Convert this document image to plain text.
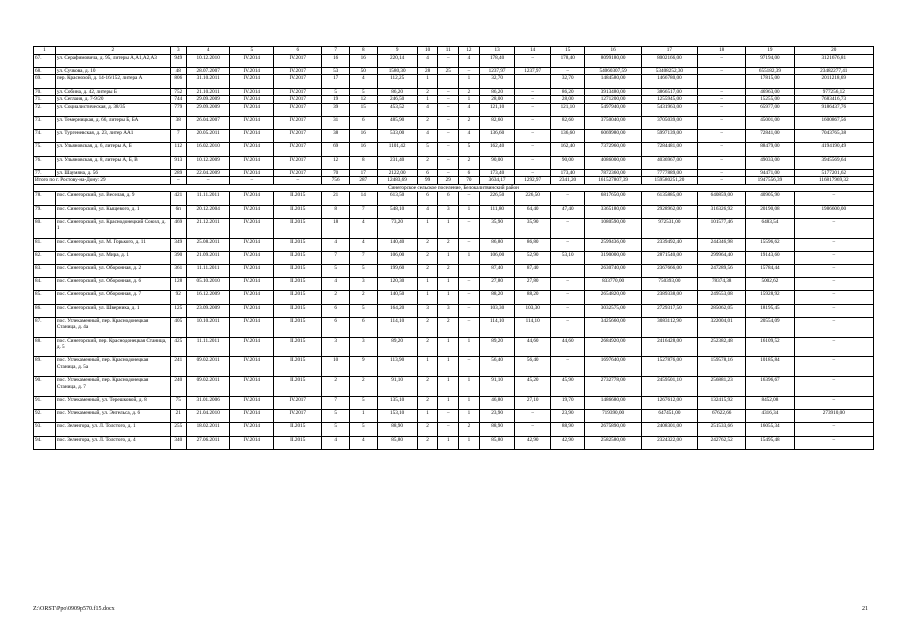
1	2	3	4	5	6	7	8	9	10	11	12	13	14	15	16	17	18	19	20
67.	ул. Серафимовича, д. 95, литеры А,А1,А2,А3	949	10.12.2010	IV.2014	IV.2017	16	16	220,14	4	–	4	178,40	–	178,40	8099180,00	8002166,00	–	97194,00	3121676,81
68.	ул. Сучкова, д. 10	48	28.07.2007	IV.2014	IV.2017	53	50	1580,30	28	25	–	1237,97	1237,97	–	54060307,59	53408252,30	–	655182,39	23482277,41
69.	пер. Краснохой, д. 14-16/152, литера А	806	31.10.2011	IV.2014	IV.2017	17	4	112,25	1		1	32,70		32,70	1484580,00	1466780,00		17815,00	2011218,69
70.	ул. Собина, д. 42, литеры Б	752	21.10.2011	IV.2014	IV.2017	5	5	86,20	2	–	2	86,20	–	86,20	3913480,00	3866517,00	–	46963,00	977256,12
71.	ул. Сеглаия, д. 7-9/20	744	29.09.2009	IV.2014	IV.2017	19	12	246,50	1	–	1	28,00	–	28,00	1271200,00	1255945,00	–	15255,00	7683416,73
72.	ул. Социалистическая, д. 38/35	779	29.09.2009	IV.2014	IV.2017	39	15	453,52	4	–	4	121,10	–	121,10	5497940,00	5431963,00	–	65977,00	9186437,76
73.	ул. Темерницкая, д. 66, литеры Б, БА	38	26.04.2007	IV.2014	IV.2017	31	6	485,90	2	–	2	82,60	–	82,60	3750040,00	3705039,00	–	45001,00	1600867,56
74.	ул. Тургеневская, д. 23, литер АА1	7	20.05.2011	IV.2014	IV.2017	38	16	533,00	4	–	4	136,60	–	136,60	6069980,00	5997139,00	–	72841,00	7043765,38
75.	ул. Ульяновская, д. 6, литеры А, Б	112	16.02.2010	IV.2014	IV.2017	69	16	1101,42	5	–	5	162,40	–	162,40	7372960,00	7284481,00	–	88479,00	4194190,49
76.	ул. Ульяновская, д. 8, литеры А, Б, В	913	10.12.2009	IV.2014	IV.2017	12	8	231,40	2	–	2	90,00	–	90,00	4086000,00	4036967,00	–	49033,00	3945569,64
77.	ул. Шаумяна, д. 56	289	22.04.2009	IV.2014	IV.2017	70	17	2122,00	6	–	6	173,40	–	173,40	7872360,00	7777889,00	–	94471,00	5177201,62
Итого по г. Ростову-на-Дону: 29		–	–	–	–	756	287	12483,69	99	29	70	3634,17	1292,97	2341,20	161527807,39	159580251,20	–	1947556,39	116817969,32
Синегорское сельское поселение, Белокалитвинский район																			
78.	пос. Синегорский, ул. Веселая, д. 9	421	11.11.2011	IV.2014	II.2015	21	14	613,50	6	6	–	226,50	226,50	–	6817650,00	6135885,00	640859,00	40905,90	–
79.	пос. Синегорский, ул. Кыщевого, д. 1	6п	20.12.2004	IV.2014	II.2015	8	7	548,10	4	3	1	111,80	64,40	47,40	3365180,00	2928962,00	316326,92	20190,08	1986600,00
80.	пос. Синегорский, ул. Краснодонецкий Союзл, д. 1	469	21.12.2011	IV.2014	II.2015	18	4	73,20	1	1	–	35,90	35,90	–	1080590,00	972531,00	101577,46	6483,54	–
81.	пос. Синегорский, ул. М. Горького, д. 11	349	25.08.2011	IV.2014	II.2015	4	4	140,40	2	2	–	86,80	86,80	–	2599436,00	2339492,40	244346,98	15596,62	–
82.	пос. Синегорский, ул. Мира, д. 1	390	21.09.2011	IV.2014	II.2015	7	7	106,00	2	1	1	106,00	52,90	53,10	3190000,00	2871540,00	299964,40	19143,60	–
83.	пос. Синегорский, ул. Оборонная, д. 2	361	11.11.2011	IV.2014	II.2015	5	5	199,60	2	2		87,40	87,40		2630740,00	2367666,00	247289,56	15784,44	–
84.	пос. Синегорский, ул. Оборонная, д. 6	128	05.10.2010	IV.2014	II.2015	4	3	120,30	1	1	–	27,80	27,80	–	833770,00	750393,00	78374,38	5002,62	–
85.	пос. Синегорский, ул. Оборонная, д. 7	92	16.12.2009	IV.2014	II.2015	2	2	140,50	1	1	–	88,20	88,20	–	2654820,00	2389338,00	249553,08	15928,92	–
86.	пос. Синегорский, ул. Шверника, д. 1	125	23.09.2009	IV.2014	II.2015	6	5	164,20	3	3	–	103,30	103,30	–	3032575,00	2729317,50	285062,05	18195,45	–
87.	пос. Углекаменный, пер. Краснодонецкая Станица, д. 4а	405	10.10.2011	IV.2014	II.2015	6	6	114,10	2	2	–	114,10	114,10	–	3425660,00	3083112,90	322004,01	20554,09	–
88.	пос. Синегорский, пер. Краснодонецкая Станица, д. 5	425	11.11.2011	IV.2014	II.2015	3	3	89,20	2	1	1	89,20	44,60	44,60	2684920,00	2416428,00	252382,48	16109,52	–
89.	пос. Углекаменный, пер. Краснодонецкая Станица, д. 5а	241	09.02.2011	IV.2014	II.2015	10	9	113,90	1	1	–	56,40	56,40	–	1697640,00	1527876,00	159578,16	10185,84	–
90.	пос. Углекаменный, пер. Краснодонецкая Станица, д. 7	240	09.02.2011	IV.2014	II.2015	2	2	91,10	2	1	1	91,10	45,20	45,90	2732778,00	2459501,10	256881,23	16396,67	–
91.	пос. Углекаменный, ул. Терешковой, д. 8	75	31.01.2006	IV.2014	IV.2017	7	5	135,10	2	1	1	46,80	27,10	19,70	1486680,00	1267612,00	132415,92	8452,08	–
92.	пос. Углекаменный, ул. Энгельса, д. 6	21	21.04.2010	IV.2014	IV.2017	5	1	153,10	1	–	1	23,90	–	23,90	719390,00	647451,00	67622,66	4316,34	273910,00
93.	пос. Зеленгора, ул. Л. Толстого, д. 1	255	18.02.2011	IV.2014	II.2015	5	5	88,90	2	–	2	88,90	–	88,90	2675890,00	2408301,00	251533,66	16055,34	–
94.	пос. Зеленгора, ул. Л. Толстого, д. 4	340	27.06.2011	IV.2014	II.2015	4	4	85,80	2	1	1	85,80	42,90	42,90	2582580,00	2324322,00	242762,52	15495,48	–
Z:\ORST\Ppo\0909p570.f15.docx	21
